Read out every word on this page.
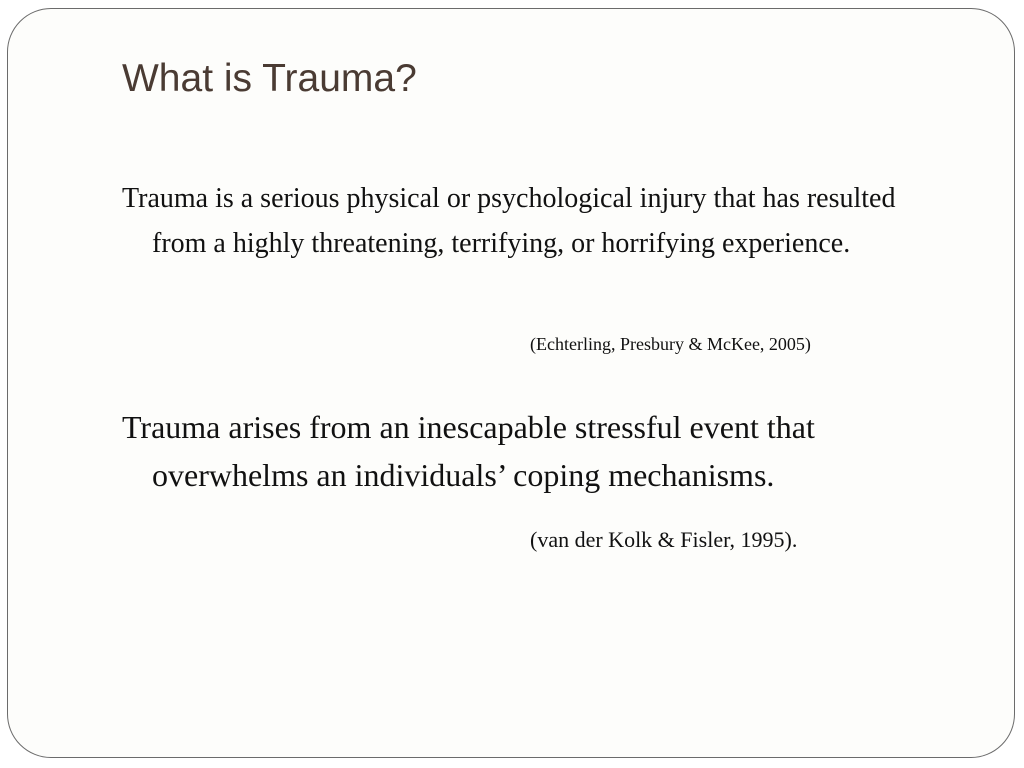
What is Trauma?

Trauma is a serious physical or psychological injury that has resulted from a highly threatening, terrifying, or horrifying experience.

(Echterling, Presbury & McKee, 2005)

Trauma arises from an inescapable stressful event that overwhelms an individuals’ coping mechanisms.

(van der Kolk & Fisler, 1995).
